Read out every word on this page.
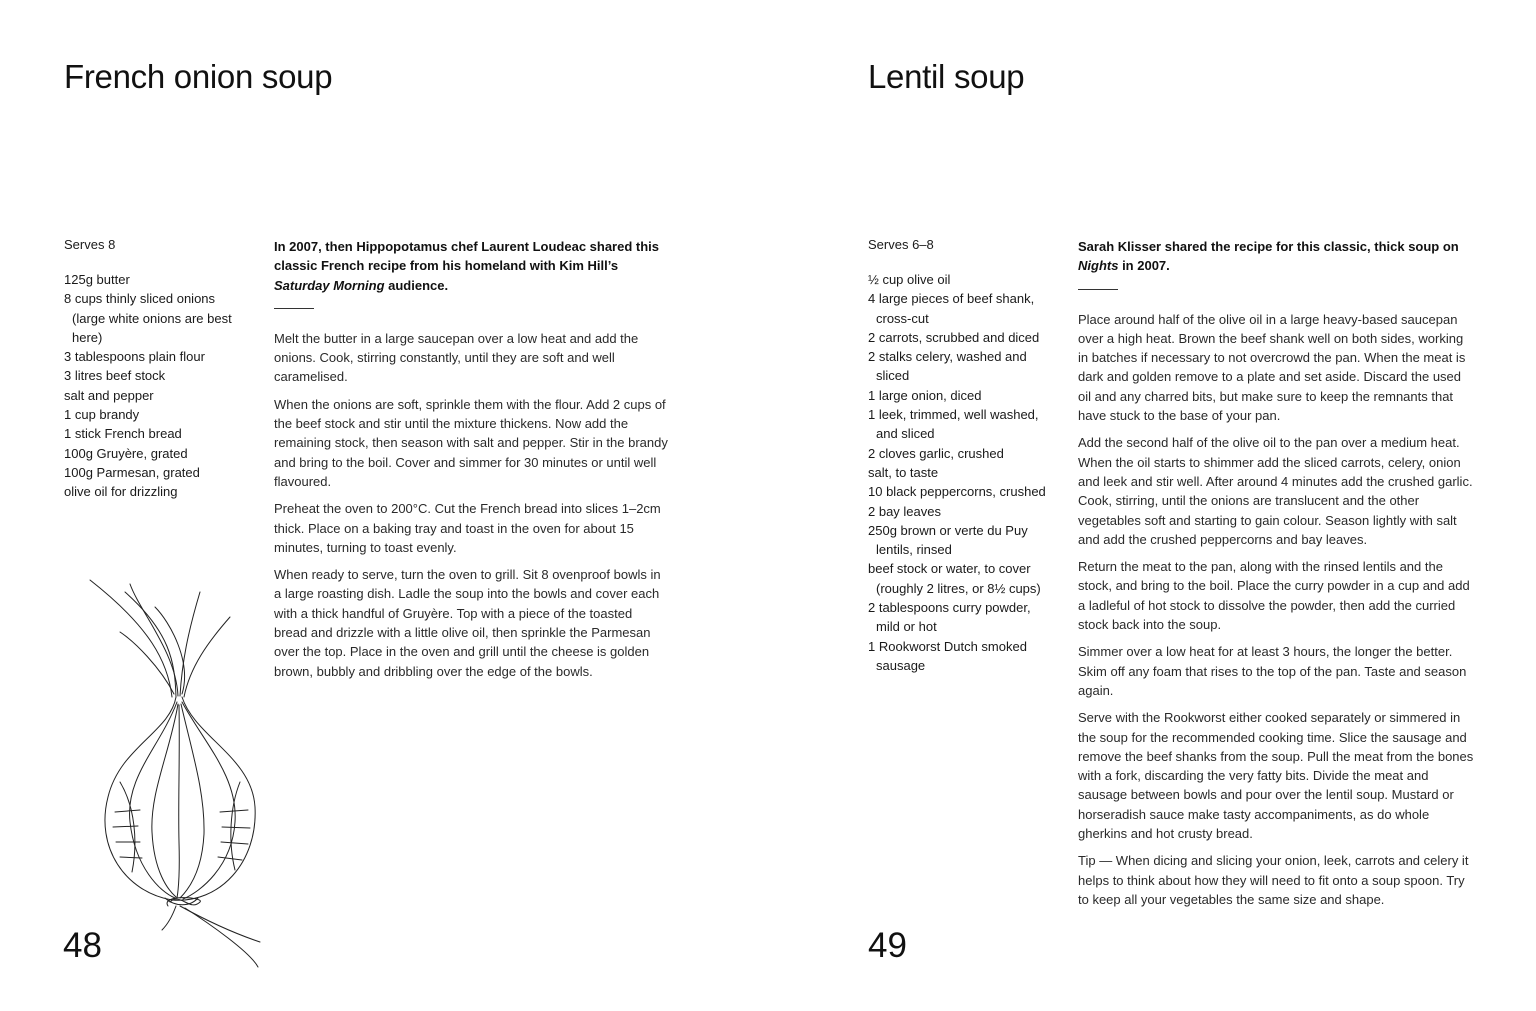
French onion soup

Serves 8

125g butter
8 cups thinly sliced onions (large white onions are best here)
3 tablespoons plain flour
3 litres beef stock
salt and pepper
1 cup brandy
1 stick French bread
100g Gruyère, grated
100g Parmesan, grated
olive oil for drizzling

In 2007, then Hippopotamus chef Laurent Loudeac shared this classic French recipe from his homeland with Kim Hill’s Saturday Morning audience.

Melt the butter in a large saucepan over a low heat and add the onions. Cook, stirring constantly, until they are soft and well caramelised.

When the onions are soft, sprinkle them with the flour. Add 2 cups of the beef stock and stir until the mixture thickens. Now add the remaining stock, then season with salt and pepper. Stir in the brandy and bring to the boil. Cover and simmer for 30 minutes or until well flavoured.

Preheat the oven to 200°C. Cut the French bread into slices 1–2cm thick. Place on a baking tray and toast in the oven for about 15 minutes, turning to toast evenly.

When ready to serve, turn the oven to grill. Sit 8 ovenproof bowls in a large roasting dish. Ladle the soup into the bowls and cover each with a thick handful of Gruyère. Top with a piece of the toasted bread and drizzle with a little olive oil, then sprinkle the Parmesan over the top. Place in the oven and grill until the cheese is golden brown, bubbly and dribbling over the edge of the bowls.

48

Lentil soup

Serves 6–8

½ cup olive oil
4 large pieces of beef shank, cross-cut
2 carrots, scrubbed and diced
2 stalks celery, washed and sliced
1 large onion, diced
1 leek, trimmed, well washed, and sliced
2 cloves garlic, crushed
salt, to taste
10 black peppercorns, crushed
2 bay leaves
250g brown or verte du Puy lentils, rinsed
beef stock or water, to cover (roughly 2 litres, or 8½ cups)
2 tablespoons curry powder, mild or hot
1 Rookworst Dutch smoked sausage

Sarah Klisser shared the recipe for this classic, thick soup on Nights in 2007.

Place around half of the olive oil in a large heavy-based saucepan over a high heat. Brown the beef shank well on both sides, working in batches if necessary to not overcrowd the pan. When the meat is dark and golden remove to a plate and set aside. Discard the used oil and any charred bits, but make sure to keep the remnants that have stuck to the base of your pan.

Add the second half of the olive oil to the pan over a medium heat. When the oil starts to shimmer add the sliced carrots, celery, onion and leek and stir well. After around 4 minutes add the crushed garlic. Cook, stirring, until the onions are translucent and the other vegetables soft and starting to gain colour. Season lightly with salt and add the crushed peppercorns and bay leaves.

Return the meat to the pan, along with the rinsed lentils and the stock, and bring to the boil. Place the curry powder in a cup and add a ladleful of hot stock to dissolve the powder, then add the curried stock back into the soup.

Simmer over a low heat for at least 3 hours, the longer the better. Skim off any foam that rises to the top of the pan. Taste and season again.

Serve with the Rookworst either cooked separately or simmered in the soup for the recommended cooking time. Slice the sausage and remove the beef shanks from the soup. Pull the meat from the bones with a fork, discarding the very fatty bits. Divide the meat and sausage between bowls and pour over the lentil soup. Mustard or horseradish sauce make tasty accompaniments, as do whole gherkins and hot crusty bread.

Tip — When dicing and slicing your onion, leek, carrots and celery it helps to think about how they will need to fit onto a soup spoon. Try to keep all your vegetables the same size and shape.

49
